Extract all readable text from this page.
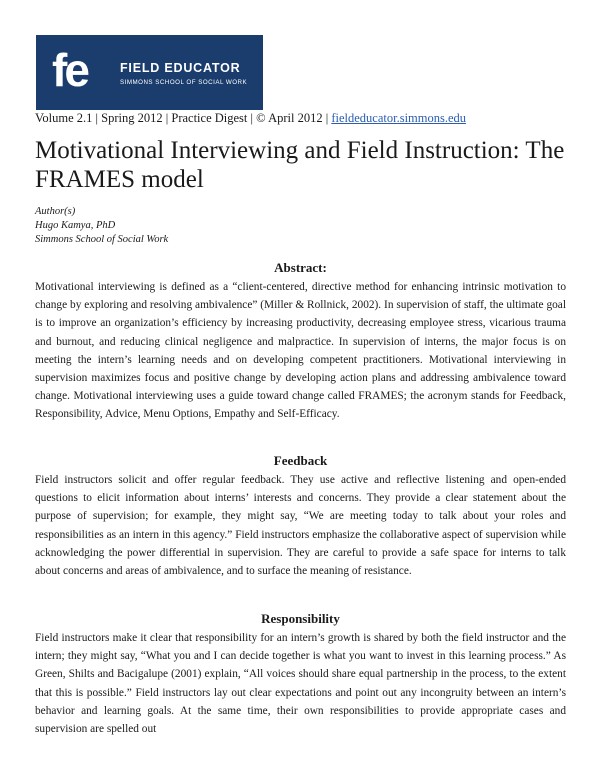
fe	FIELD EDUCATOR
SIMMONS SCHOOL OF SOCIAL WORK
Volume 2.1 | Spring 2012 | Practice Digest | © April 2012 | fieldeducator.simmons.edu
Motivational Interviewing and Field Instruction: The FRAMES model
Author(s)
Hugo Kamya, PhD
Simmons School of Social Work
Abstract:

Motivational interviewing is defined as a “client-centered, directive method for enhancing intrinsic motivation to change by exploring and resolving ambivalence” (Miller & Rollnick, 2002). In supervision of staff, the ultimate goal is to improve an organization’s efficiency by increasing productivity, decreasing employee stress, vicarious trauma and burnout, and reducing clinical negligence and malpractice. In supervision of interns, the major focus is on meeting the intern’s learning needs and on developing competent practitioners. Motivational interviewing in supervision maximizes focus and positive change by developing action plans and addressing ambivalence toward change. Motivational interviewing uses a guide toward change called FRAMES; the acronym stands for Feedback, Responsibility, Advice, Menu Options, Empathy and Self-Efficacy.

Feedback

Field instructors solicit and offer regular feedback. They use active and reflective listening and open-ended questions to elicit information about interns’ interests and concerns. They provide a clear statement about the purpose of supervision; for example, they might say, “We are meeting today to talk about your roles and responsibilities as an intern in this agency.” Field instructors emphasize the collaborative aspect of supervision while acknowledging the power differential in supervision. They are careful to provide a safe space for interns to talk about concerns and areas of ambivalence, and to surface the meaning of resistance.

Responsibility

Field instructors make it clear that responsibility for an intern’s growth is shared by both the field instructor and the intern; they might say, “What you and I can decide together is what you want to invest in this learning process.” As Green, Shilts and Bacigalupe (2001) explain, “All voices should share equal partnership in the process, to the extent that this is possible.” Field instructors lay out clear expectations and point out any incongruity between an intern’s behavior and learning goals. At the same time, their own responsibilities to provide appropriate cases and supervision are spelled out
